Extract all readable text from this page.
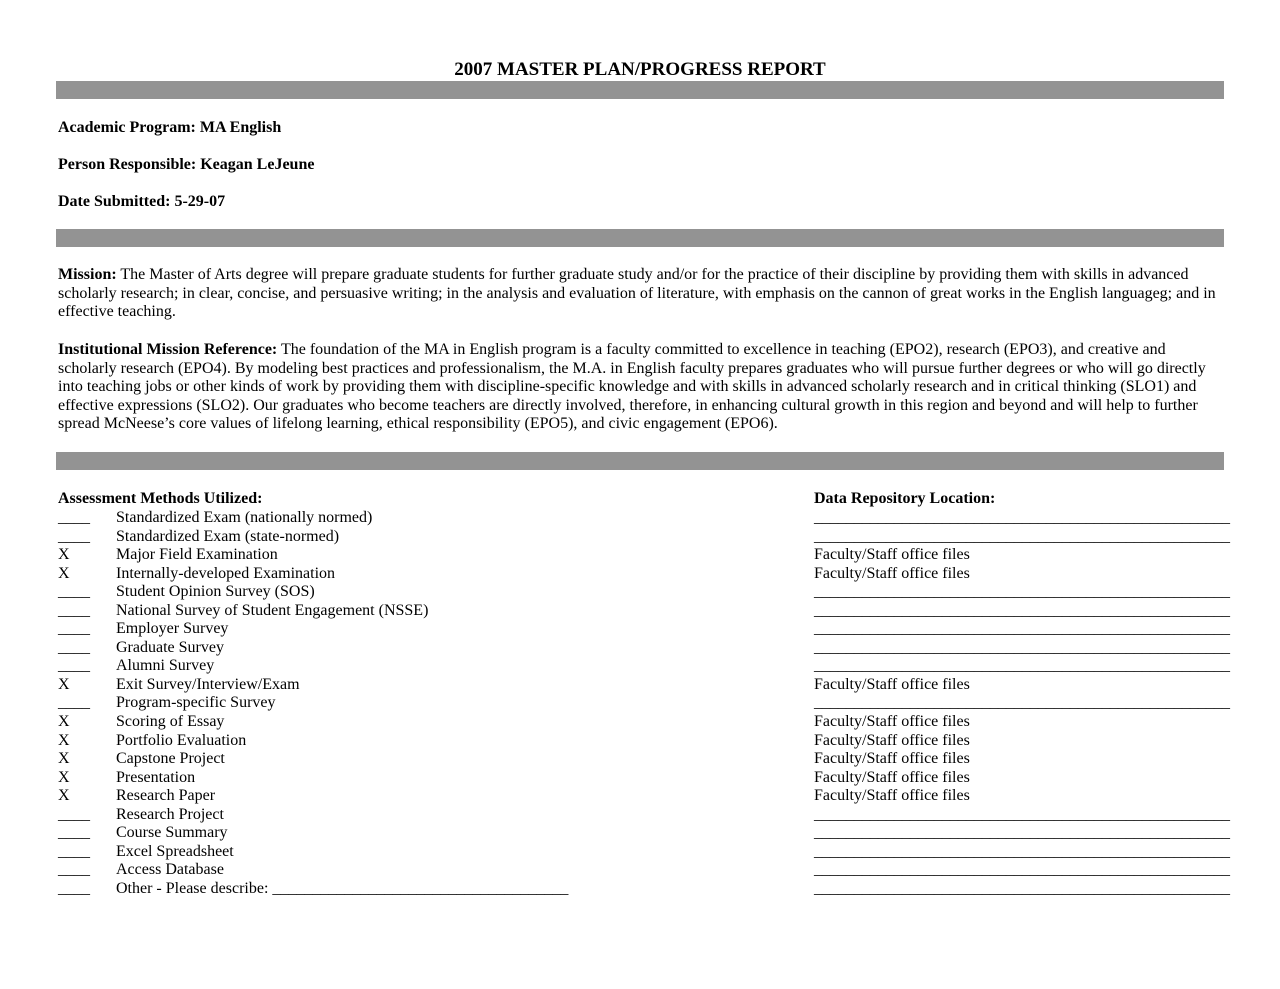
2007 MASTER PLAN/PROGRESS REPORT
Academic Program: MA English
Person Responsible: Keagan LeJeune
Date Submitted: 5-29-07
Mission: The Master of Arts degree will prepare graduate students for further graduate study and/or for the practice of their discipline by providing them with skills in advanced scholarly research; in clear, concise, and persuasive writing; in the analysis and evaluation of literature, with emphasis on the cannon of great works in the English languageg; and in effective teaching.
Institutional Mission Reference: The foundation of the MA in English program is a faculty committed to excellence in teaching (EPO2), research (EPO3), and creative and scholarly research (EPO4). By modeling best practices and professionalism, the M.A. in English faculty prepares graduates who will pursue further degrees or who will go directly into teaching jobs or other kinds of work by providing them with discipline-specific knowledge and with skills in advanced scholarly research and in critical thinking (SLO1) and effective expressions (SLO2). Our graduates who become teachers are directly involved, therefore, in enhancing cultural growth in this region and beyond and will help to further spread McNeese’s core values of lifelong learning, ethical responsibility (EPO5), and civic engagement (EPO6).
Assessment Methods Utilized:	Data Repository Location:
____ Standardized Exam (nationally normed)	____________________________________________________
____ Standardized Exam (state-normed)	____________________________________________________
X	Major Field Examination	Faculty/Staff office files
X	Internally-developed Examination	Faculty/Staff office files
____ Student Opinion Survey (SOS)	____________________________________________________
____ National Survey of Student Engagement (NSSE)	____________________________________________________
____ Employer Survey	____________________________________________________
____ Graduate Survey	____________________________________________________
____ Alumni Survey	____________________________________________________
X	Exit Survey/Interview/Exam	Faculty/Staff office files
____ Program-specific Survey	____________________________________________________
X	Scoring of Essay	Faculty/Staff office files
X	Portfolio Evaluation	Faculty/Staff office files
X	Capstone Project	Faculty/Staff office files
X	Presentation	Faculty/Staff office files
X	Research Paper	Faculty/Staff office files
____ Research Project	____________________________________________________
____ Course Summary	____________________________________________________
____ Excel Spreadsheet	____________________________________________________
____ Access Database	____________________________________________________
____ Other - Please describe: _____________________________________	____________________________________________________
